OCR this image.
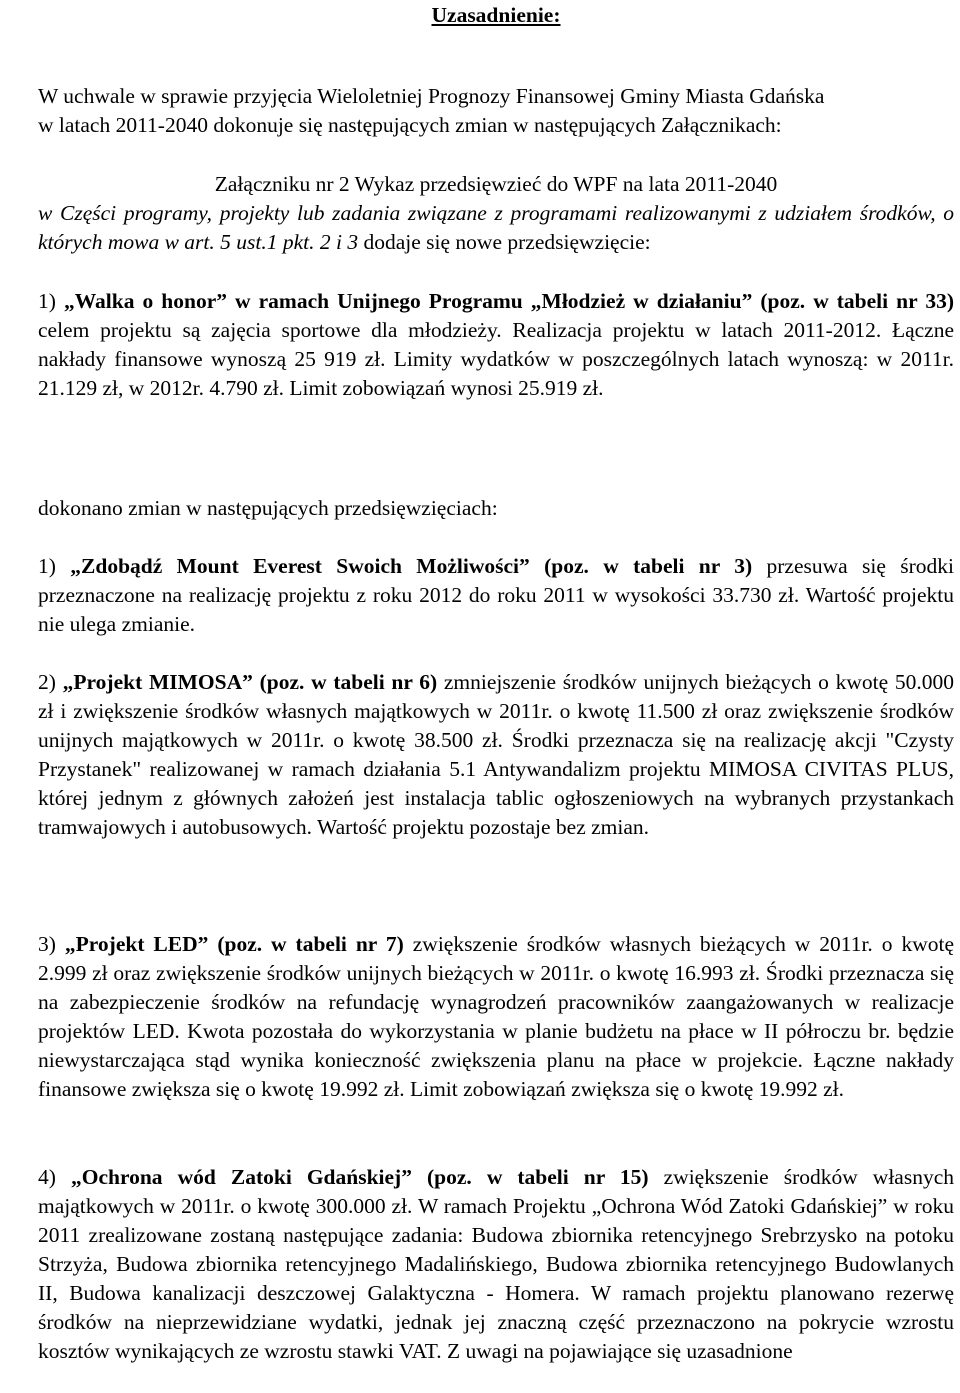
Uzasadnienie:

W uchwale w sprawie przyjęcia Wieloletniej Prognozy Finansowej Gminy Miasta Gdańska

w latach 2011-2040 dokonuje się następujących zmian w następujących Załącznikach:

Załączniku nr 2 Wykaz przedsięwzieć do WPF na lata 2011-2040

w Części programy, projekty lub zadania związane z programami realizowanymi z udziałem środków, o których mowa w art. 5 ust.1 pkt. 2 i 3 dodaje się nowe przedsięwzięcie:

1) „Walka o honor” w ramach Unijnego Programu „Młodzież w działaniu” (poz. w tabeli nr 33) celem projektu są zajęcia sportowe dla młodzieży. Realizacja projektu w latach 2011-2012. Łączne nakłady finansowe wynoszą 25 919 zł. Limity wydatków w poszczególnych latach wynoszą: w 2011r. 21.129 zł, w 2012r. 4.790 zł. Limit zobowiązań wynosi 25.919 zł.

dokonano zmian w następujących przedsięwzięciach:

1) „Zdobądź Mount Everest Swoich Możliwości” (poz. w tabeli nr 3) przesuwa się środki przeznaczone na realizację projektu z roku 2012 do roku 2011 w wysokości 33.730 zł. Wartość projektu nie ulega zmianie.

2) „Projekt MIMOSA” (poz. w tabeli nr 6) zmniejszenie środków unijnych bieżących o kwotę 50.000 zł i zwiększenie środków własnych majątkowych w 2011r. o kwotę 11.500 zł oraz zwiększenie środków unijnych majątkowych w 2011r. o kwotę 38.500 zł. Środki przeznacza się na realizację akcji "Czysty Przystanek" realizowanej w ramach działania 5.1 Antywandalizm projektu MIMOSA CIVITAS PLUS, której jednym z głównych założeń jest instalacja tablic ogłoszeniowych na wybranych przystankach tramwajowych i autobusowych. Wartość projektu pozostaje bez zmian.

3) „Projekt LED” (poz. w tabeli nr 7) zwiększenie środków własnych bieżących w 2011r. o kwotę 2.999 zł oraz zwiększenie środków unijnych bieżących w 2011r. o kwotę 16.993 zł. Środki przeznacza się na zabezpieczenie środków na refundację wynagrodzeń pracowników zaangażowanych w realizacje projektów LED. Kwota pozostała do wykorzystania w planie budżetu na płace w II półroczu br. będzie niewystarczająca stąd wynika konieczność zwiększenia planu na płace w projekcie. Łączne nakłady finansowe zwiększa się o kwotę 19.992 zł. Limit zobowiązań zwiększa się o kwotę 19.992 zł.

4) „Ochrona wód Zatoki Gdańskiej” (poz. w tabeli nr 15) zwiększenie środków własnych majątkowych w 2011r. o kwotę 300.000 zł. W ramach Projektu „Ochrona Wód Zatoki Gdańskiej” w roku 2011 zrealizowane zostaną następujące zadania: Budowa zbiornika retencyjnego Srebrzysko na potoku Strzyża, Budowa zbiornika retencyjnego Madalińskiego, Budowa zbiornika retencyjnego Budowlanych II, Budowa kanalizacji deszczowej Galaktyczna - Homera. W ramach projektu planowano rezerwę środków na nieprzewidziane wydatki, jednak jej znaczną część przeznaczono na pokrycie wzrostu kosztów wynikających ze wzrostu stawki VAT. Z uwagi na pojawiające się uzasadnione
